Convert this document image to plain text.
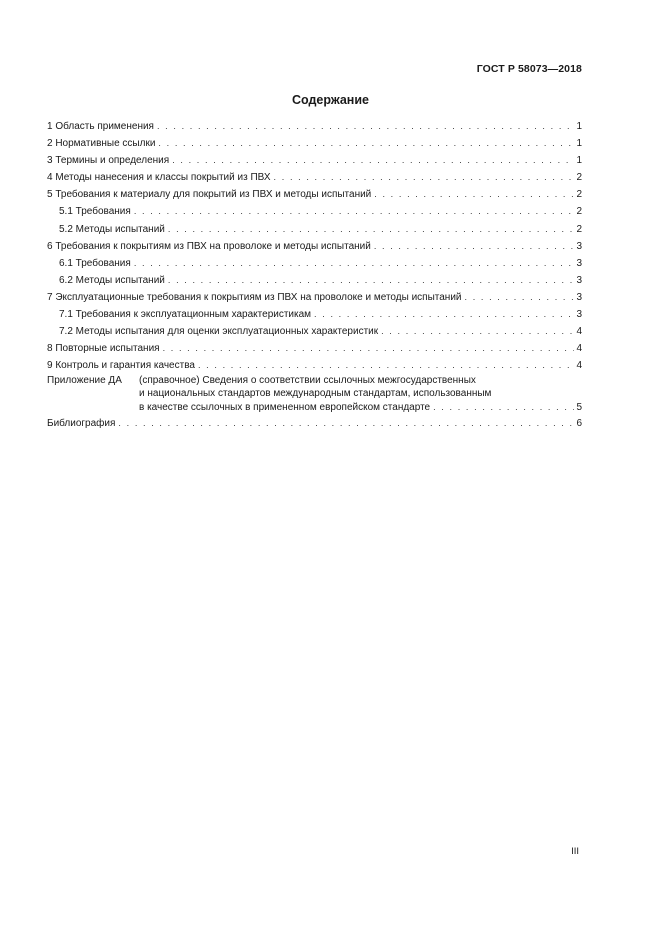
ГОСТ Р 58073—2018
Содержание
1 Область применения . . .	1
2 Нормативные ссылки . . .	1
3 Термины и определения . . .	1
4 Методы нанесения и классы покрытий из ПВХ . . .	2
5 Требования к материалу для покрытий из ПВХ и методы испытаний . . .	2
5.1 Требования . . .	2
5.2 Методы испытаний . . .	2
6 Требования к покрытиям из ПВХ на проволоке и методы испытаний . . .	3
6.1 Требования . . .	3
6.2 Методы испытаний . . .	3
7 Эксплуатационные требования к покрытиям из ПВХ на проволоке и методы испытаний . . .	3
7.1 Требования к эксплуатационным характеристикам . . .	3
7.2 Методы испытания для оценки эксплуатационных характеристик . . .	4
8 Повторные испытания . . .	4
9 Контроль и гарантия качества . . .	4
Приложение ДА (справочное) Сведения о соответствии ссылочных межгосударственных
и национальных стандартов международным стандартам, использованным
в качестве ссылочных в примененном европейском стандарте . . .	5
Библиография . . .	6
III
